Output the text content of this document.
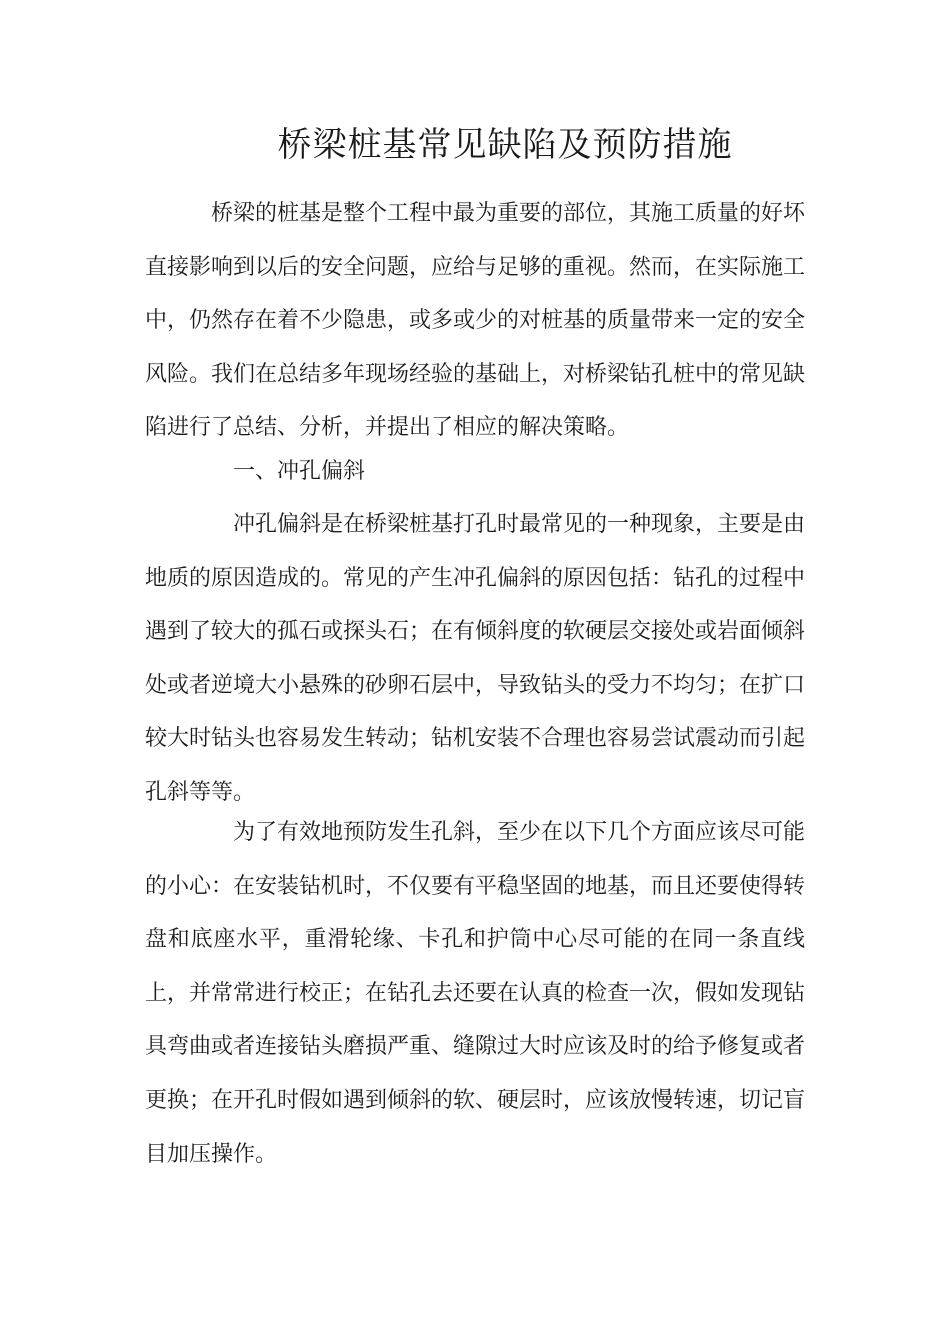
桥梁桩基常见缺陷及预防措施

桥梁的桩基是整个工程中最为重要的部位，其施工质量的好坏直接影响到以后的安全问题，应给与足够的重视。然而，在实际施工中，仍然存在着不少隐患，或多或少的对桩基的质量带来一定的安全风险。我们在总结多年现场经验的基础上，对桥梁钻孔桩中的常见缺陷进行了总结、分析，并提出了相应的解决策略。

一、冲孔偏斜

冲孔偏斜是在桥梁桩基打孔时最常见的一种现象，主要是由地质的原因造成的。常见的产生冲孔偏斜的原因包括：钻孔的过程中遇到了较大的孤石或探头石；在有倾斜度的软硬层交接处或岩面倾斜处或者逆境大小悬殊的砂卵石层中，导致钻头的受力不均匀；在扩口较大时钻头也容易发生转动；钻机安装不合理也容易尝试震动而引起孔斜等等。

为了有效地预防发生孔斜，至少在以下几个方面应该尽可能的小心：在安装钻机时，不仅要有平稳坚固的地基，而且还要使得转盘和底座水平，重滑轮缘、卡孔和护筒中心尽可能的在同一条直线上，并常常进行校正；在钻孔去还要在认真的检查一次，假如发现钻具弯曲或者连接钻头磨损严重、缝隙过大时应该及时的给予修复或者更换；在开孔时假如遇到倾斜的软、硬层时，应该放慢转速，切记盲目加压操作。
